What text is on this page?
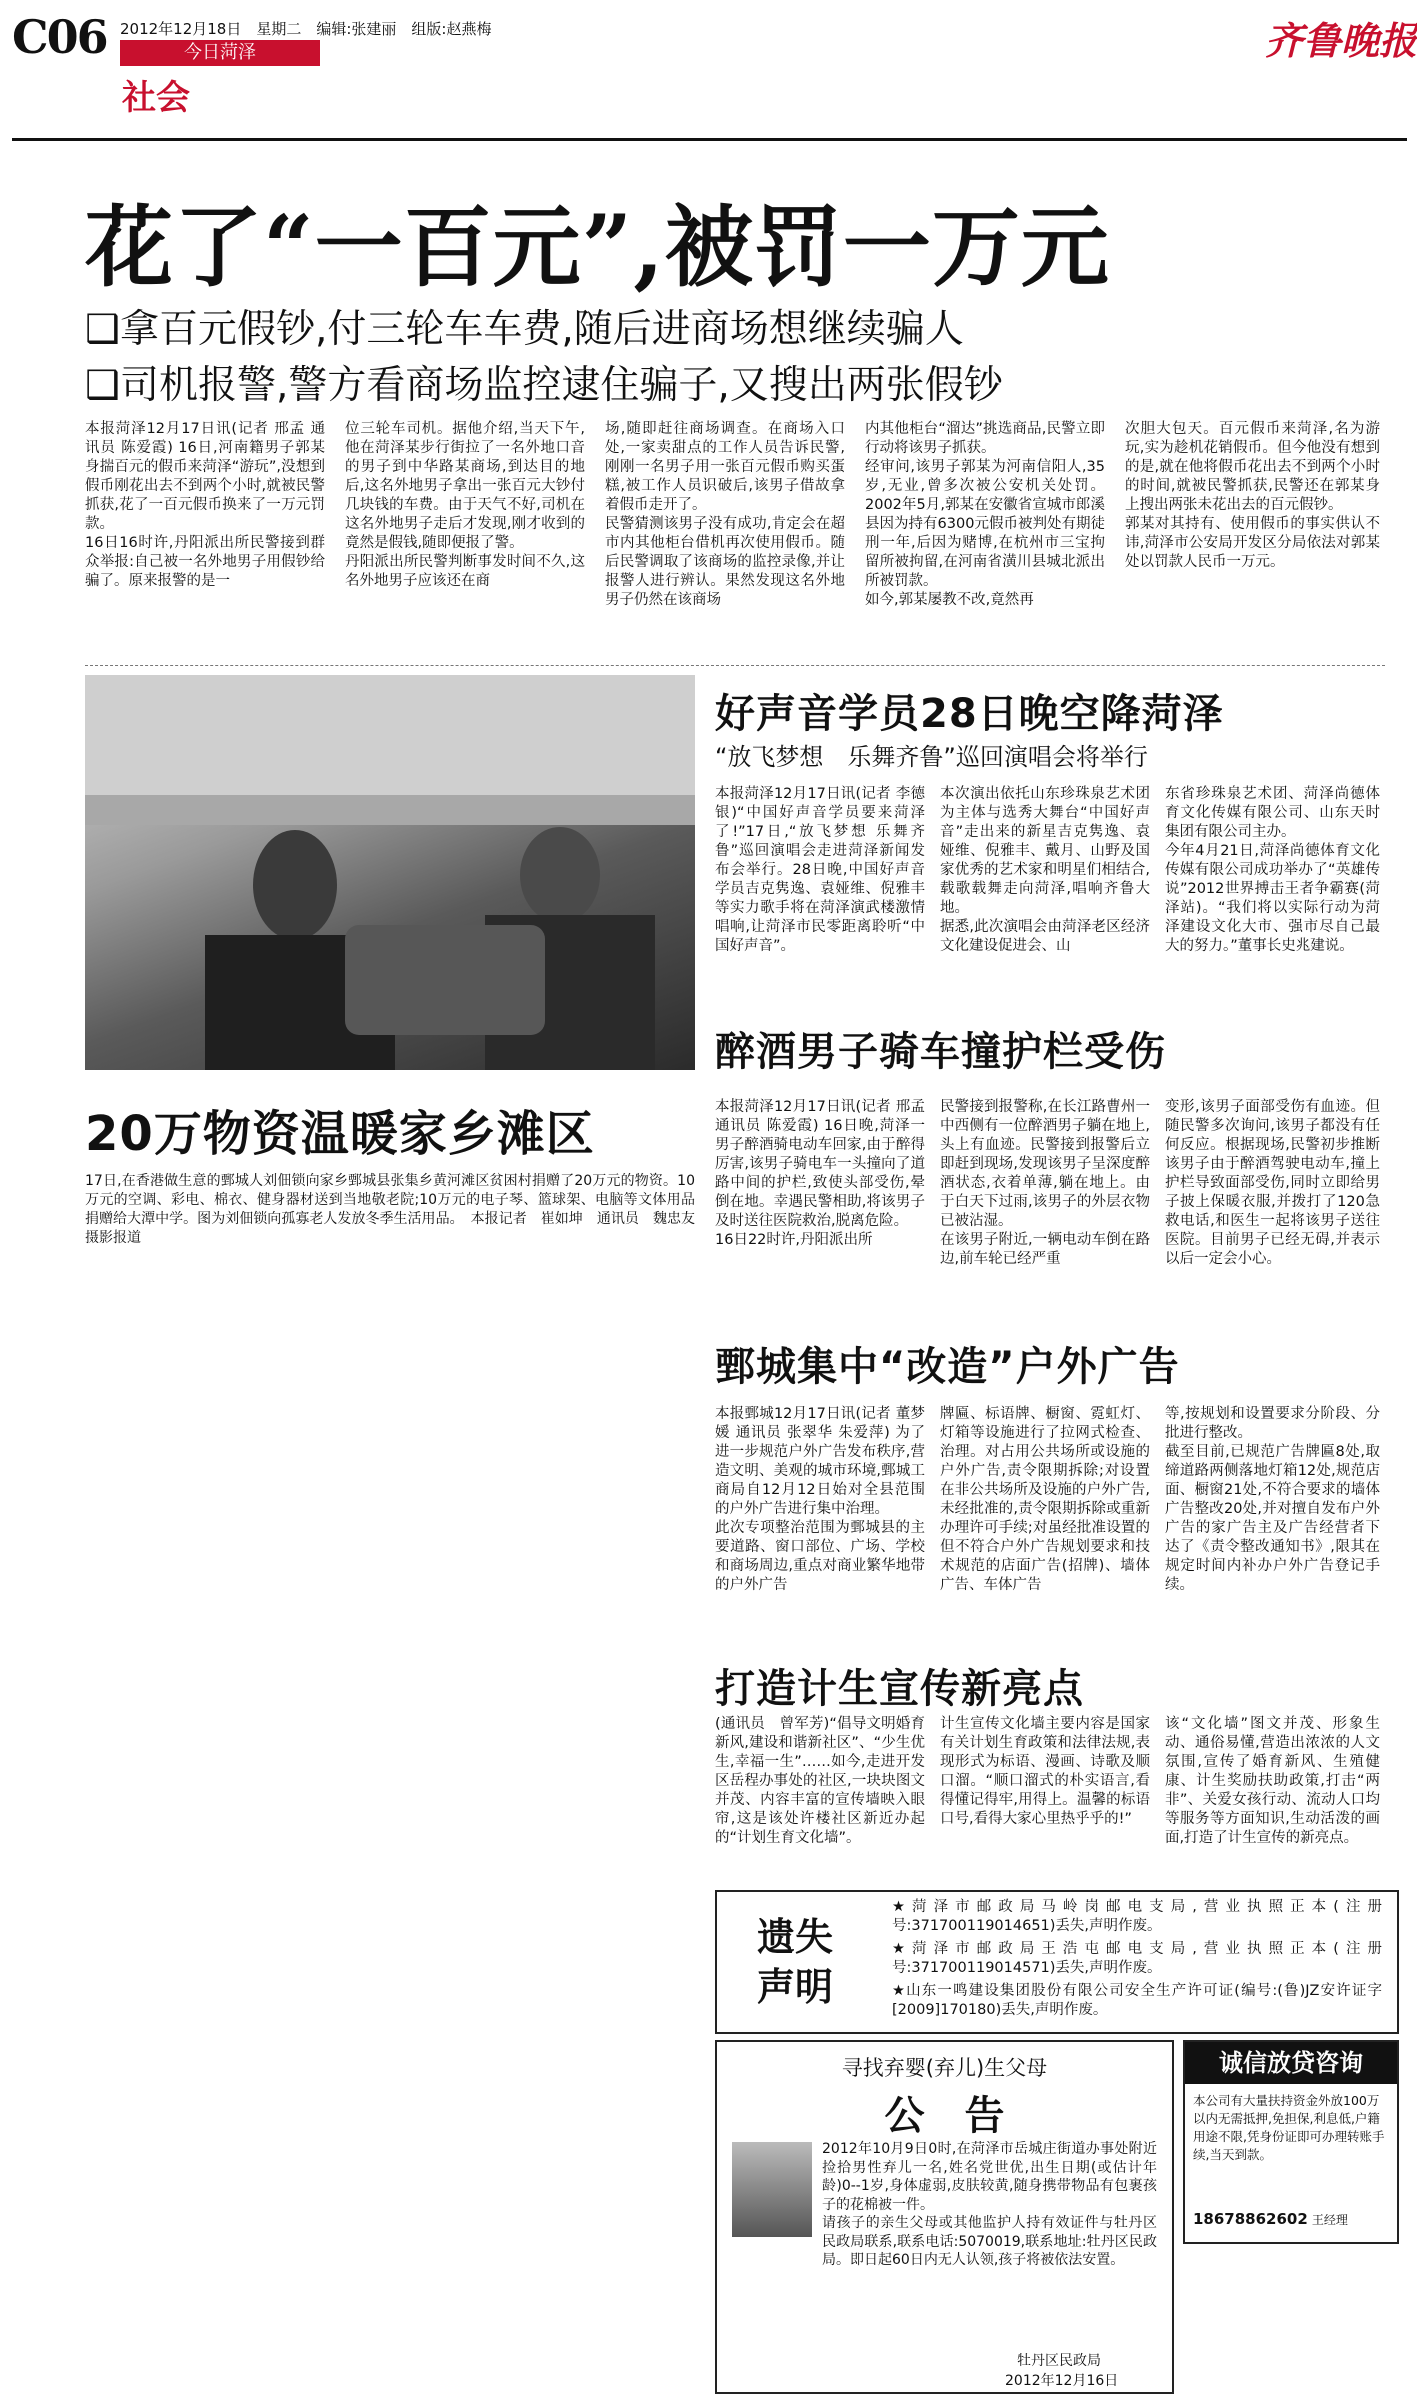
C06 2012年12月18日　星期二　编辑:张建丽　组版:赵燕梅
今日菏泽
社会
齐鲁晚报
花了“一百元”,被罚一万元
❑拿百元假钞,付三轮车车费,随后进商场想继续骗人
❑司机报警,警方看商场监控逮住骗子,又搜出两张假钞
本报菏泽12月17日讯(记者 邢孟 通讯员 陈爱霞) 16日,河南籍男子郭某身揣百元的假币来菏泽“游玩”,没想到假币刚花出去不到两个小时,就被民警抓获,花了一百元假币换来了一万元罚款。
16日16时许,丹阳派出所民警接到群众举报:自己被一名外地男子用假钞给骗了。原来报警的是一
位三轮车司机。据他介绍,当天下午,他在菏泽某步行街拉了一名外地口音的男子到中华路某商场,到达目的地后,这名外地男子拿出一张百元大钞付几块钱的车费。由于天气不好,司机在这名外地男子走后才发现,刚才收到的竟然是假钱,随即便报了警。
丹阳派出所民警判断事发时间不久,这名外地男子应该还在商
场,随即赶往商场调查。在商场入口处,一家卖甜点的工作人员告诉民警,刚刚一名男子用一张百元假币购买蛋糕,被工作人员识破后,该男子借故拿着假币走开了。
民警猜测该男子没有成功,肯定会在超市内其他柜台借机再次使用假币。随后民警调取了该商场的监控录像,并让报警人进行辨认。果然发现这名外地男子仍然在该商场
内其他柜台“溜达”挑选商品,民警立即行动将该男子抓获。
经审问,该男子郭某为河南信阳人,35岁,无业,曾多次被公安机关处罚。2002年5月,郭某在安徽省宣城市郎溪县因为持有6300元假币被判处有期徒刑一年,后因为赌博,在杭州市三宝拘留所被拘留,在河南省潢川县城北派出所被罚款。
如今,郭某屡教不改,竟然再
次胆大包天。百元假币来菏泽,名为游玩,实为趁机花销假币。但今他没有想到的是,就在他将假币花出去不到两个小时的时间,就被民警抓获,民警还在郭某身上搜出两张未花出去的百元假钞。
郭某对其持有、使用假币的事实供认不讳,菏泽市公安局开发区分局依法对郭某处以罚款人民币一万元。
20万物资温暖家乡滩区
17日,在香港做生意的鄄城人刘佃锁向家乡鄄城县张集乡黄河滩区贫困村捐赠了20万元的物资。10万元的空调、彩电、棉衣、健身器材送到当地敬老院;10万元的电子琴、篮球架、电脑等文体用品捐赠给大潭中学。图为刘佃锁向孤寡老人发放冬季生活用品。　本报记者　崔如坤　通讯员　魏忠友　摄影报道
好声音学员28日晚空降菏泽
“放飞梦想　乐舞齐鲁”巡回演唱会将举行
本报菏泽12月17日讯(记者 李德银)“中国好声音学员要来菏泽了!”17日,“放飞梦想 乐舞齐鲁”巡回演唱会走进菏泽新闻发布会举行。28日晚,中国好声音学员吉克隽逸、袁娅维、倪雅丰等实力歌手将在菏泽演武楼激情唱响,让菏泽市民零距离聆听“中国好声音”。
本次演出依托山东珍珠泉艺术团为主体与选秀大舞台“中国好声音”走出来的新星吉克隽逸、袁娅维、倪雅丰、戴月、山野及国家优秀的艺术家和明星们相结合,载歌载舞走向菏泽,唱响齐鲁大地。
据悉,此次演唱会由菏泽老区经济文化建设促进会、山
东省珍珠泉艺术团、菏泽尚德体育文化传媒有限公司、山东天时集团有限公司主办。
今年4月21日,菏泽尚德体育文化传媒有限公司成功举办了“英雄传说”2012世界搏击王者争霸赛(菏泽站)。“我们将以实际行动为菏泽建设文化大市、强市尽自己最大的努力。”董事长史兆建说。
醉酒男子骑车撞护栏受伤
本报菏泽12月17日讯(记者 邢孟 通讯员 陈爱霞) 16日晚,菏泽一男子醉酒骑电动车回家,由于醉得厉害,该男子骑电车一头撞向了道路中间的护栏,致使头部受伤,晕倒在地。幸遇民警相助,将该男子及时送往医院救治,脱离危险。
16日22时许,丹阳派出所
民警接到报警称,在长江路曹州一中西侧有一位醉酒男子躺在地上,头上有血迹。民警接到报警后立即赶到现场,发现该男子呈深度醉酒状态,衣着单薄,躺在地上。由于白天下过雨,该男子的外层衣物已被沾湿。
在该男子附近,一辆电动车倒在路边,前车轮已经严重
变形,该男子面部受伤有血迹。但随民警多次询问,该男子都没有任何反应。根据现场,民警初步推断该男子由于醉酒驾驶电动车,撞上护栏导致面部受伤,同时立即给男子披上保暖衣服,并拨打了120急救电话,和医生一起将该男子送往医院。目前男子已经无碍,并表示以后一定会小心。
鄄城集中“改造”户外广告
本报鄄城12月17日讯(记者 董梦媛 通讯员 张翠华 朱爱萍) 为了进一步规范户外广告发布秩序,营造文明、美观的城市环境,鄄城工商局自12月12日始对全县范围的户外广告进行集中治理。
此次专项整治范围为鄄城县的主要道路、窗口部位、广场、学校和商场周边,重点对商业繁华地带的户外广告
牌匾、标语牌、橱窗、霓虹灯、灯箱等设施进行了拉网式检查、治理。对占用公共场所或设施的户外广告,责令限期拆除;对设置在非公共场所及设施的户外广告,未经批准的,责令限期拆除或重新办理许可手续;对虽经批准设置的但不符合户外广告规划要求和技术规范的店面广告(招牌)、墙体广告、车体广告
等,按规划和设置要求分阶段、分批进行整改。
截至目前,已规范广告牌匾8处,取缔道路两侧落地灯箱12处,规范店面、橱窗21处,不符合要求的墙体广告整改20处,并对擅自发布户外广告的家广告主及广告经营者下达了《责令整改通知书》,限其在规定时间内补办户外广告登记手续。
打造计生宣传新亮点
(通讯员　曾军芳)“倡导文明婚育新风,建设和谐新社区”、“少生优生,幸福一生”……如今,走进开发区岳程办事处的社区,一块块图文并茂、内容丰富的宣传墙映入眼帘,这是该处许楼社区新近办起的“计划生育文化墙”。
计生宣传文化墙主要内容是国家有关计划生育政策和法律法规,表现形式为标语、漫画、诗歌及顺口溜。“顺口溜式的朴实语言,看得懂记得牢,用得上。温馨的标语口号,看得大家心里热乎乎的!”
该“文化墙”图文并茂、形象生动、通俗易懂,营造出浓浓的人文氛围,宣传了婚育新风、生殖健康、计生奖励扶助政策,打击“两非”、关爱女孩行动、流动人口均等服务等方面知识,生动活泼的画面,打造了计生宣传的新亮点。
遗失声明
★菏泽市邮政局马岭岗邮电支局,营业执照正本(注册号:371700119014651)丢失,声明作废。
★菏泽市邮政局王浩屯邮电支局,营业执照正本(注册号:371700119014571)丢失,声明作废。
★山东一鸣建设集团股份有限公司安全生产许可证(编号:(鲁)JZ安许证字[2009]170180)丢失,声明作废。
寻找弃婴(弃儿)生父母
公　告
2012年10月9日0时,在菏泽市岳城庄街道办事处附近捡拾男性弃儿一名,姓名党世优,出生日期(或估计年龄)0--1岁,身体虚弱,皮肤较黄,随身携带物品有包裹孩子的花棉被一件。
请孩子的亲生父母或其他监护人持有效证件与牡丹区民政局联系,联系电话:5070019,联系地址:牡丹区民政局。即日起60日内无人认领,孩子将被依法安置。
牡丹区民政局
2012年12月16日
诚信放贷咨询
本公司有大量扶持资金外放100万以内无需抵押,免担保,利息低,户籍用途不限,凭身份证即可办理转账手续,当天到款。
18678862602 王经理
